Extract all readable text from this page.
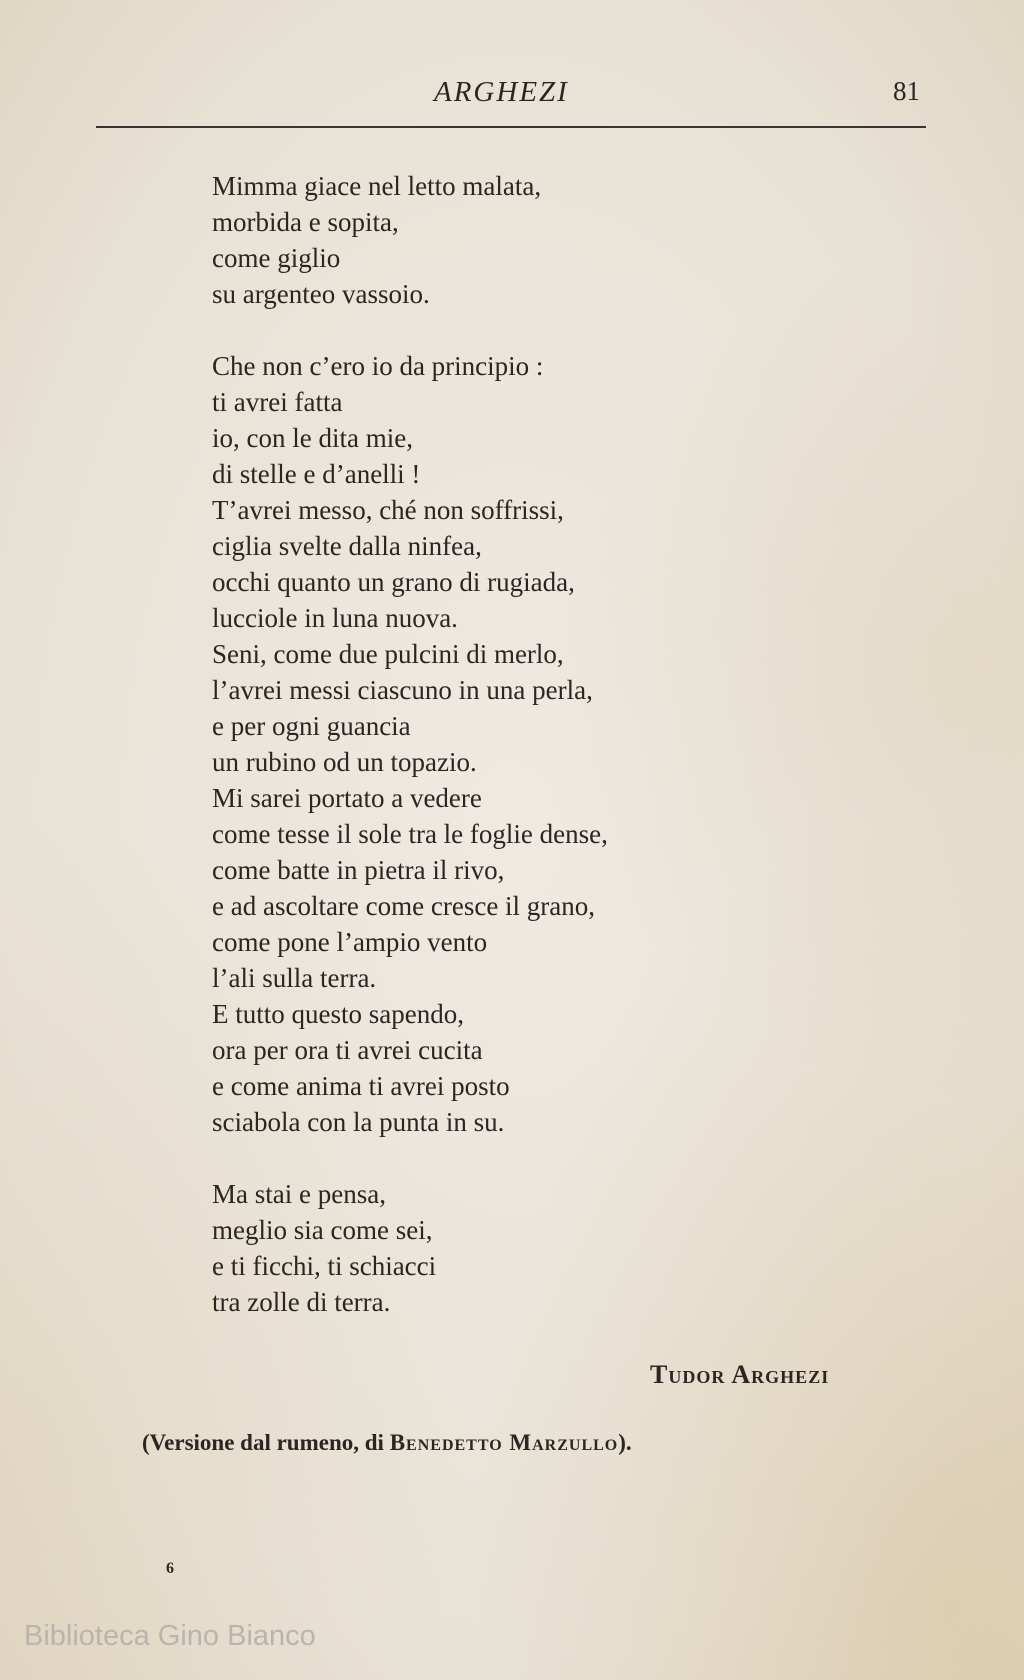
ARGHEZI	81
Mimma giace nel letto malata,
morbida e sopita,
come giglio
su argenteo vassoio.
Che non c’ero io da principio :
ti avrei fatta
io, con le dita mie,
di stelle e d’anelli !
T’avrei messo, ché non soffrissi,
ciglia svelte dalla ninfea,
occhi quanto un grano di rugiada,
lucciole in luna nuova.
Seni, come due pulcini di merlo,
l’avrei messi ciascuno in una perla,
e per ogni guancia
un rubino od un topazio.
Mi sarei portato a vedere
come tesse il sole tra le foglie dense,
come batte in pietra il rivo,
e ad ascoltare come cresce il grano,
come pone l’ampio vento
l’ali sulla terra.
E tutto questo sapendo,
ora per ora ti avrei cucita
e come anima ti avrei posto
sciabola con la punta in su.
Ma stai e pensa,
meglio sia come sei,
e ti ficchi, ti schiacci
tra zolle di terra.
Tudor Arghezi
(Versione dal rumeno, di Benedetto Marzullo).
6
Biblioteca Gino Bianco
